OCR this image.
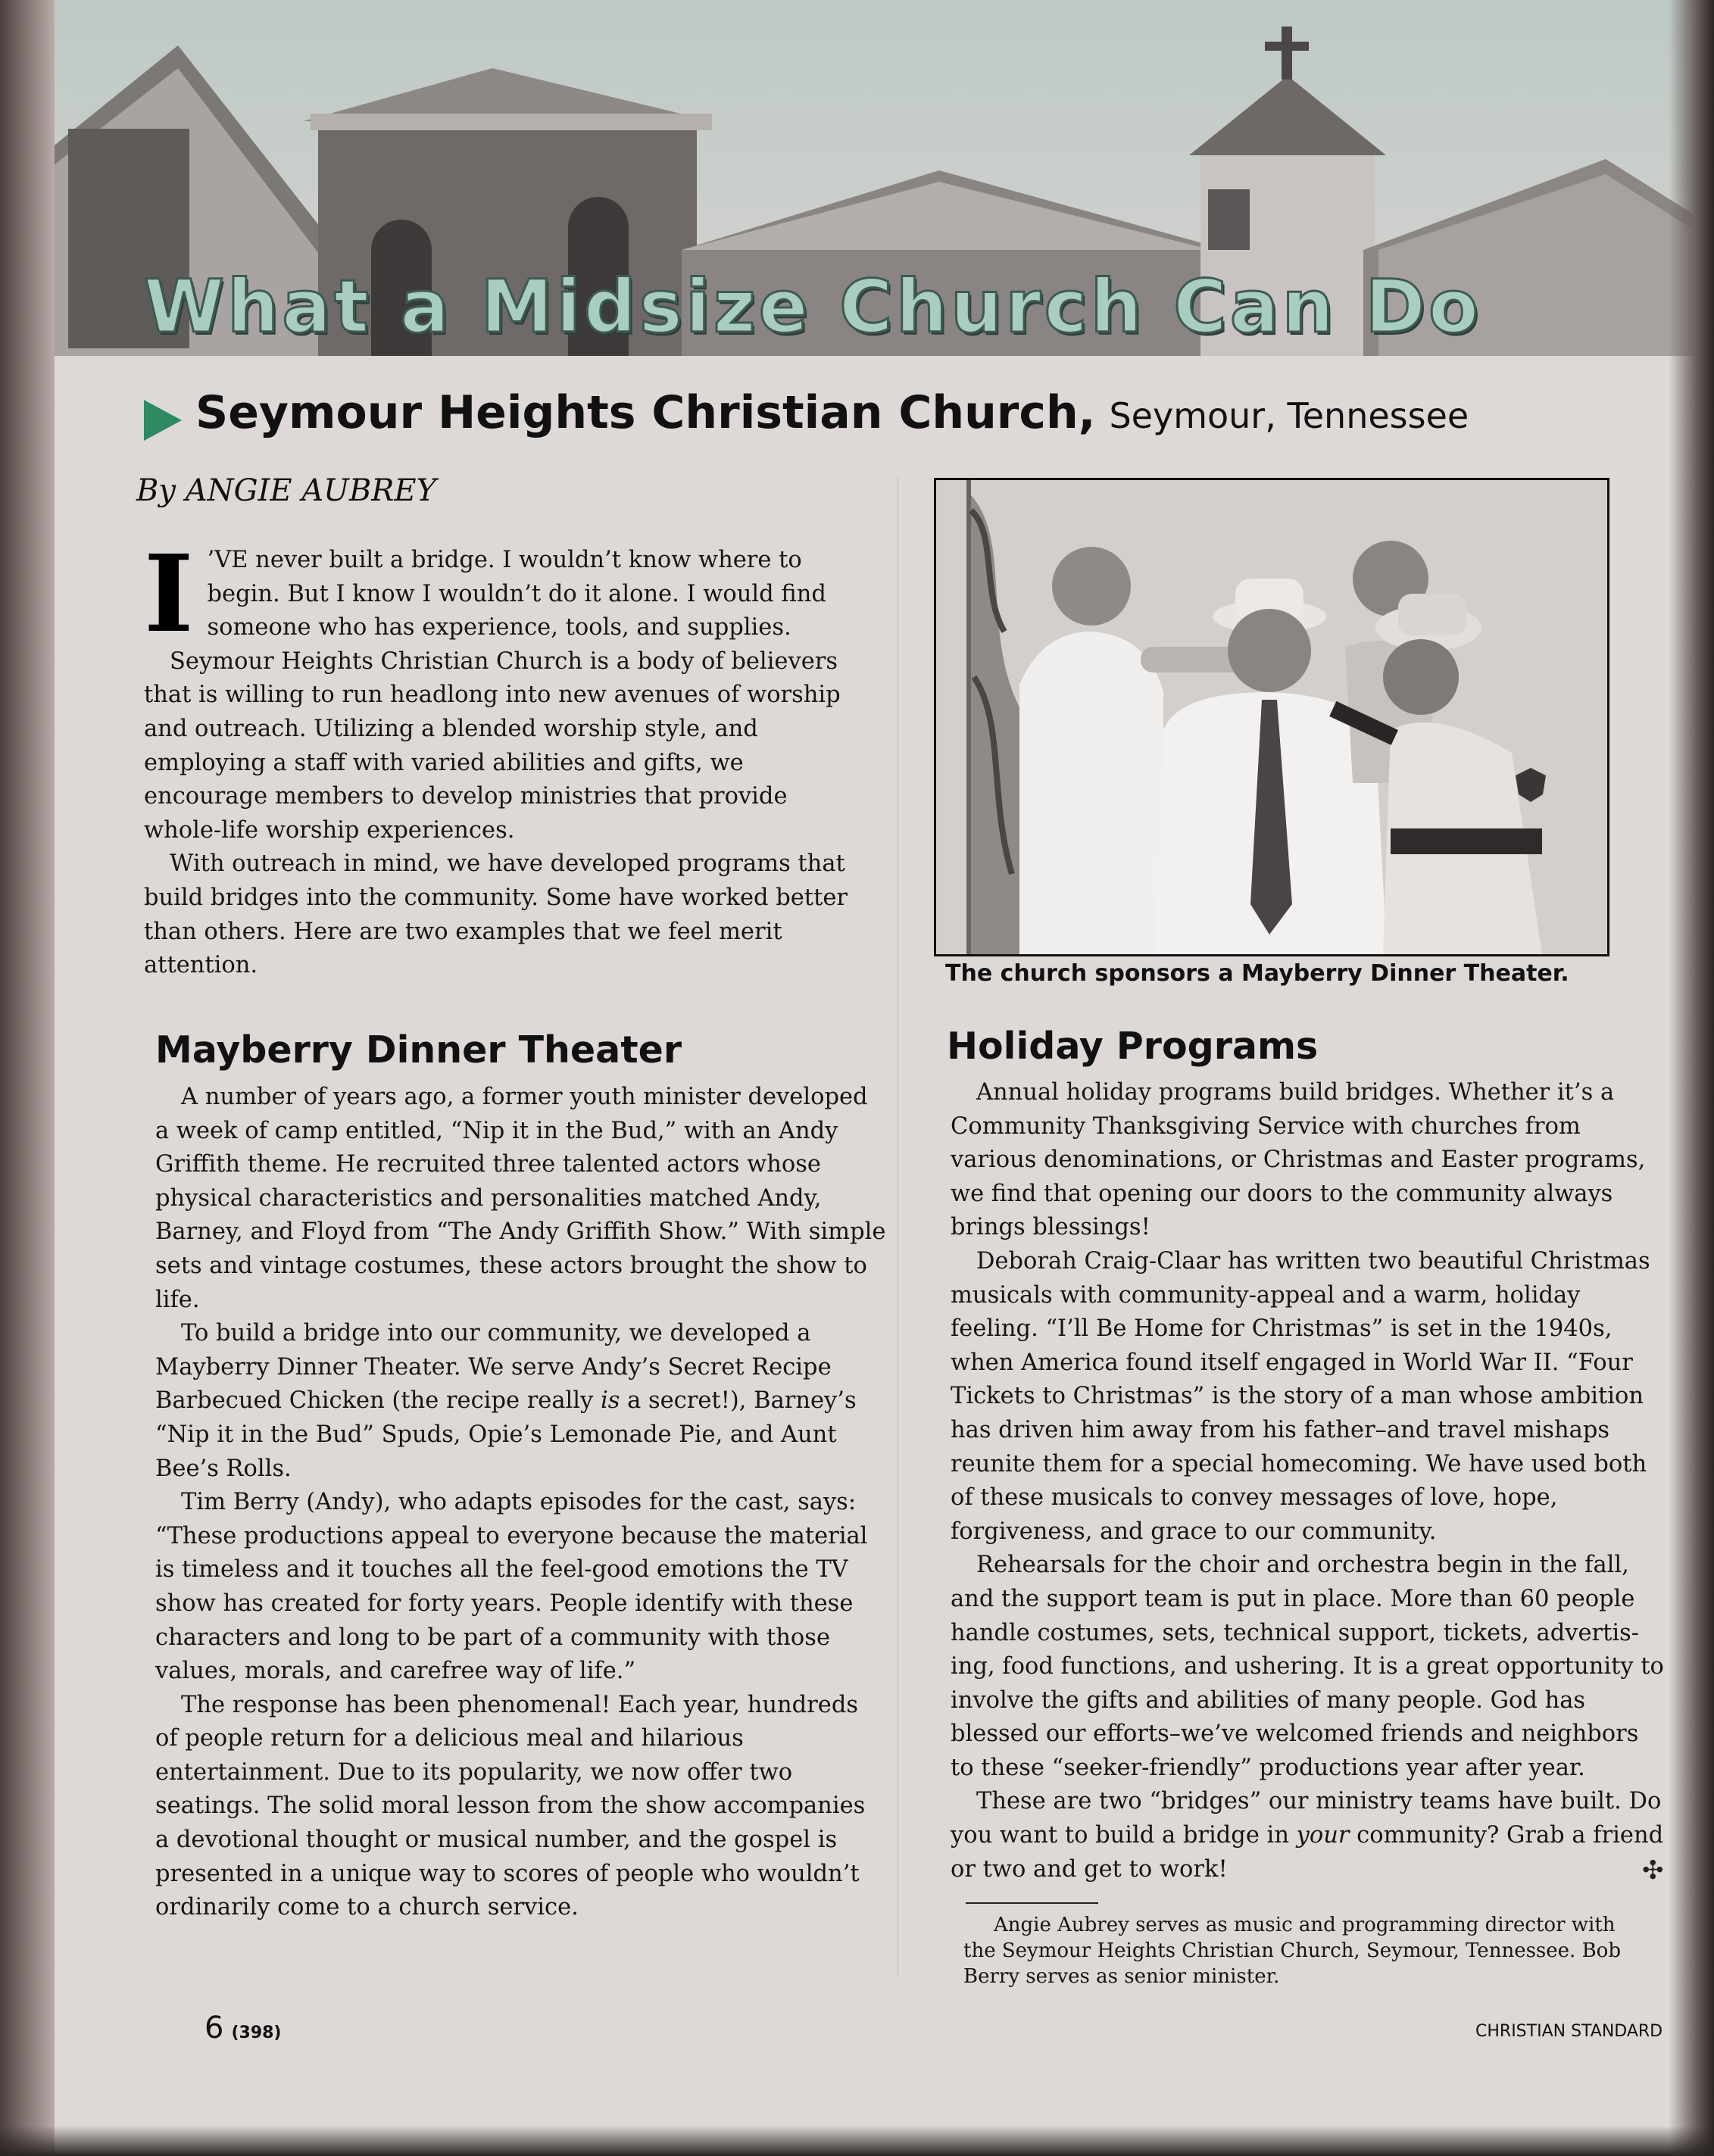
What a Midsize Church Can Do
Seymour Heights Christian Church, Seymour, Tennessee
By ANGIE AUBREY

I ’VE never built a bridge. I wouldn’t know where to begin. But I know I wouldn’t do it alone. I would find someone who has experience, tools, and supplies.

Seymour Heights Christian Church is a body of believers that is willing to run headlong into new avenues of worship and outreach. Utilizing a blended worship style, and employing a staff with varied abilities and gifts, we encourage members to develop ministries that provide whole-life worship experiences.

With outreach in mind, we have developed programs that build bridges into the community. Some have worked better than others. Here are two examples that we feel merit attention.	The church sponsors a Mayberry Dinner Theater.
Mayberry Dinner Theater

A number of years ago, a former youth minister developed a week of camp entitled, “Nip it in the Bud,” with an Andy Griffith theme. He recruited three talented actors whose physical characteristics and personalities matched Andy, Barney, and Floyd from “The Andy Griffith Show.” With simple sets and vintage costumes, these actors brought the show to life.

To build a bridge into our community, we developed a Mayberry Dinner Theater. We serve Andy’s Secret Recipe Barbecued Chicken (the recipe really is a secret!), Barney’s “Nip it in the Bud” Spuds, Opie’s Lemonade Pie, and Aunt Bee’s Rolls.

Tim Berry (Andy), who adapts episodes for the cast, says: “These productions appeal to everyone because the material is timeless and it touches all the feel-good emotions the TV show has created for forty years. People identify with these characters and long to be part of a community with those values, morals, and carefree way of life.”

The response has been phenomenal! Each year, hundreds of people return for a delicious meal and hilarious entertainment. Due to its popularity, we now offer two seatings. The solid moral lesson from the show accompanies a devotional thought or musical number, and the gospel is presented in a unique way to scores of people who wouldn’t ordinarily come to a church service.

Holiday Programs

Annual holiday programs build bridges. Whether it’s a Community Thanksgiving Service with churches from various denominations, or Christmas and Easter programs, we find that opening our doors to the community always brings blessings!

Deborah Craig-Claar has written two beautiful Christmas musicals with community-appeal and a warm, holiday feeling. “I’ll Be Home for Christmas” is set in the 1940s, when America found itself engaged in World War II. “Four Tickets to Christmas” is the story of a man whose ambition has driven him away from his father–and travel mishaps reunite them for a special homecoming. We have used both of these musicals to convey messages of love, hope, forgiveness, and grace to our community.

Rehearsals for the choir and orchestra begin in the fall, and the support team is put in place. More than 60 people handle costumes, sets, technical support, tickets, advertis-ing, food functions, and ushering. It is a great opportunity to involve the gifts and abilities of many people. God has blessed our efforts–we’ve welcomed friends and neighbors to these “seeker-friendly” productions year after year.

These are two “bridges” our ministry teams have built. Do you want to build a bridge in your community? Grab a friend or two and get to work!	✣

Angie Aubrey serves as music and programming director with the Seymour Heights Christian Church, Seymour, Tennessee. Bob Berry serves as senior minister.

6 (398)	CHRISTIAN STANDARD
